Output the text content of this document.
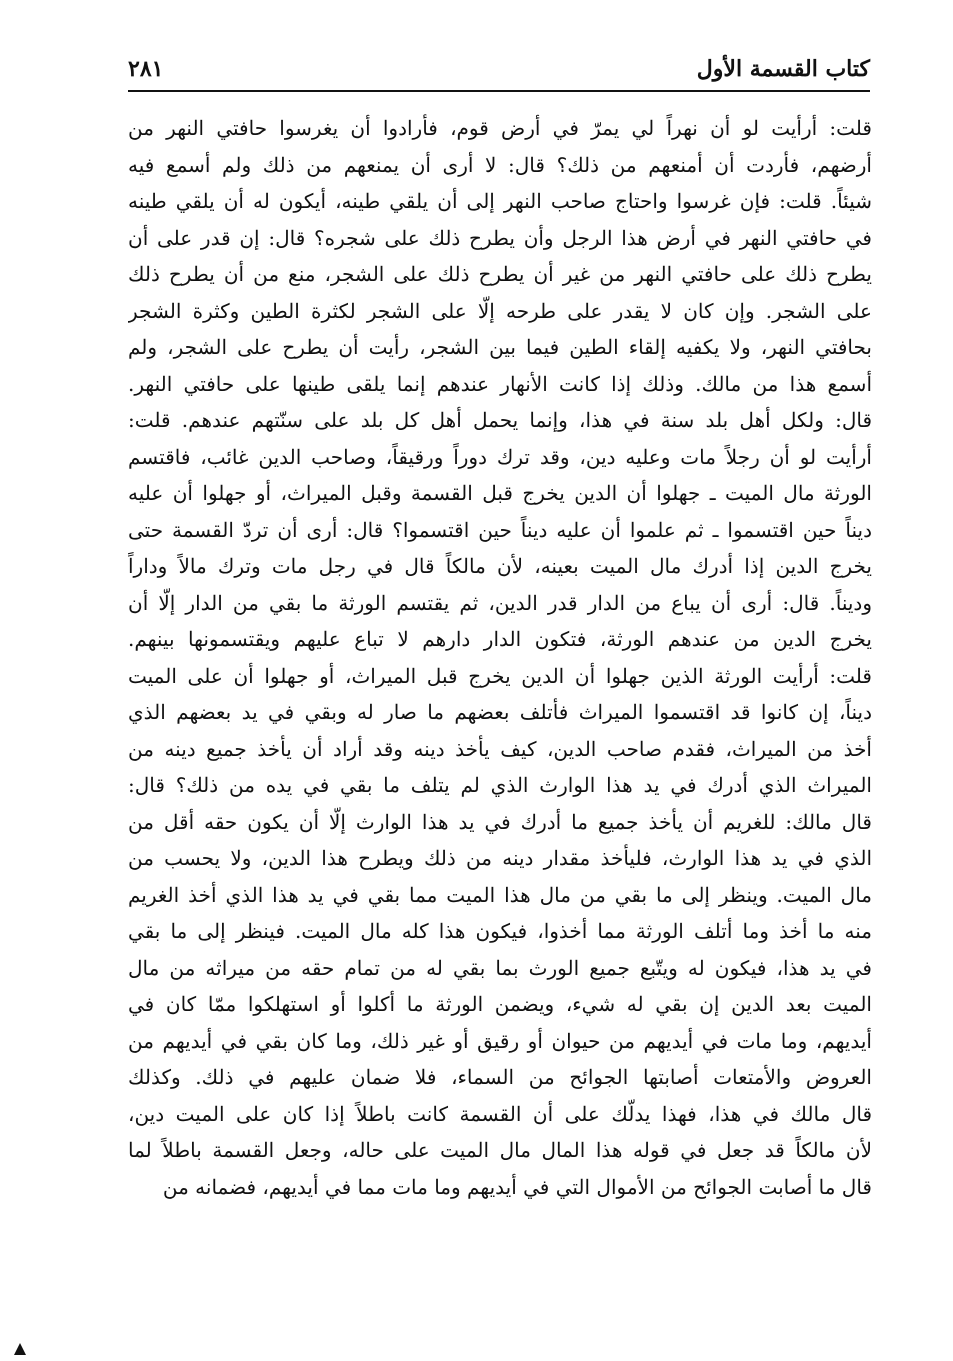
كتاب القسمة الأول
٢٨١
قلت: أرأيت لو أن نهراً لي يمرّ في أرض قوم، فأرادوا أن يغرسوا حافتي النهر من
أرضهم، فأردت أن أمنعهم من ذلك؟ قال: لا أرى أن يمنعهم من ذلك ولم أسمع فيه
شيئاً. قلت: فإن غرسوا واحتاج صاحب النهر إلى أن يلقي طينه، أيكون له أن يلقي طينه
في حافتي النهر في أرض هذا الرجل وأن يطرح ذلك على شجره؟ قال: إن قدر على أن
يطرح ذلك على حافتي النهر من غير أن يطرح ذلك على الشجر، منع من أن يطرح ذلك
على الشجر. وإن كان لا يقدر على طرحه إلّا على الشجر لكثرة الطين وكثرة الشجر
بحافتي النهر، ولا يكفيه إلقاء الطين فيما بين الشجر، رأيت أن يطرح على الشجر، ولم
أسمع هذا من مالك. وذلك إذا كانت الأنهار عندهم إنما يلقى طينها على حافتي النهر.
قال: ولكل أهل بلد سنة في هذا، وإنما يحمل أهل كل بلد على سنّتهم عندهم. قلت:
أرأيت لو أن رجلاً مات وعليه دين، وقد ترك دوراً ورقيقاً، وصاحب الدين غائب، فاقتسم
الورثة مال الميت ـ جهلوا أن الدين يخرج قبل القسمة وقبل الميراث، أو جهلوا أن عليه
ديناً حين اقتسموا ـ ثم علموا أن عليه ديناً حين اقتسموا؟ قال: أرى أن تردّ القسمة حتى
يخرج الدين إذا أدرك مال الميت بعينه، لأن مالكاً قال في رجل مات وترك مالاً وداراً
وديناً. قال: أرى أن يباع من الدار قدر الدين، ثم يقتسم الورثة ما بقي من الدار إلّا أن
يخرج الدين من عندهم الورثة، فتكون الدار دارهم لا تباع عليهم ويقتسمونها بينهم.
قلت: أرأيت الورثة الذين جهلوا أن الدين يخرج قبل الميراث، أو جهلوا أن على الميت
ديناً، إن كانوا قد اقتسموا الميراث فأتلف بعضهم ما صار له وبقي في يد بعضهم الذي
أخذ من الميراث، فقدم صاحب الدين، كيف يأخذ دينه وقد أراد أن يأخذ جميع دينه من
الميراث الذي أدرك في يد هذا الوارث الذي لم يتلف ما بقي في يده من ذلك؟ قال:
قال مالك: للغريم أن يأخذ جميع ما أدرك في يد هذا الوارث إلّا أن يكون حقه أقل من
الذي في يد هذا الوارث، فليأخذ مقدار دينه من ذلك ويطرح هذا الدين، ولا يحسب من
مال الميت. وينظر إلى ما بقي من مال هذا الميت مما بقي في يد هذا الذي أخذ الغريم
منه ما أخذ وما أتلف الورثة مما أخذوا، فيكون هذا كله مال الميت. فينظر إلى ما بقي
في يد هذا، فيكون له ويتّبع جميع الورث بما بقي له من تمام حقه من ميراثه من مال
الميت بعد الدين إن بقي له شيء، ويضمن الورثة ما أكلوا أو استهلكوا ممّا كان في
أيديهم، وما مات في أيديهم من حيوان أو رقيق أو غير ذلك، وما كان بقي في أيديهم من
العروض والأمتعات أصابتها الجوائح من السماء، فلا ضمان عليهم في ذلك. وكذلك
قال مالك في هذا، فهذا يدلّك على أن القسمة كانت باطلاً إذا كان على الميت دين،
لأن مالكاً قد جعل في قوله هذا المال مال الميت على حاله، وجعل القسمة باطلاً لما
قال ما أصابت الجوائح من الأموال التي في أيديهم وما مات مما في أيديهم، فضمانه من
